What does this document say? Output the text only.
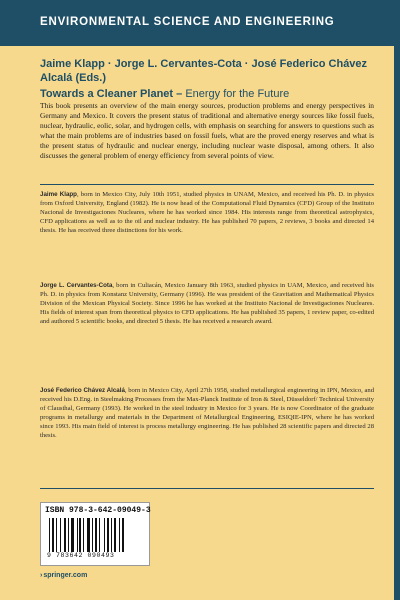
ENVIRONMENTAL SCIENCE AND ENGINEERING
Jaime Klapp · Jorge L. Cervantes-Cota · José Federico Chávez Alcalá (Eds.)
Towards a Cleaner Planet – Energy for the Future
This book presents an overview of the main energy sources, production problems and energy perspectives in Germany and Mexico. It covers the present status of traditional and alternative energy sources like fossil fuels, nuclear, hydraulic, eolic, solar, and hydrogen cells, with emphasis on searching for answers to questions such as what the main problems are of industries based on fossil fuels, what are the proved energy reserves and what is the present status of hydraulic and nuclear energy, including nuclear waste disposal, among others. It also discusses the general problem of energy efficiency from several points of view.
Jaime Klapp, born in Mexico City, July 10th 1951, studied physics in UNAM, Mexico, and received his Ph. D. in physics from Oxford University, England (1982). He is now head of the Computational Fluid Dynamics (CFD) Group of the Instituto Nacional de Investigaciones Nucleares, where he has worked since 1984. His interests range from theoretical astrophysics, CFD applications as well as to the oil and nuclear industry. He has published 70 papers, 2 reviews, 3 books and directed 14 thesis. He has received three distinctions for his work.
Jorge L. Cervantes-Cota, born in Culiacán, Mexico January 8th 1963, studied physics in UAM, Mexico, and received his Ph. D. in physics from Konstanz University, Germany (1996). He was president of the Gravitation and Mathematical Physics Division of the Mexican Physical Society. Since 1996 he has worked at the Instituto Nacional de Investigaciones Nucleares. His fields of interest span from theoretical physics to CFD applications. He has published 35 papers, 1 review paper, co-edited and authored 5 scientific books, and directed 5 thesis. He has received a research award.
José Federico Chávez Alcalá, born in Mexico City, April 27th 1958, studied metallurgical engineering in IPN, Mexico, and received his D.Eng. in Steelmaking Processes from the Max-Planck Institute of Iron & Steel, Düsseldorf/ Technical University of Clausthal, Germany (1993). He worked in the steel industry in Mexico for 3 years. He is now Coordinator of the graduate programs in metallurgy and materials in the Department of Metallurgical Engineering, ESIQIE-IPN, where he has worked since 1993. His main field of interest is process metallurgy engineering. He has published 28 scientific papers and directed 28 thesis.
ISBN 978-3-642-09049-3
9 783642 090493
›springer.com
